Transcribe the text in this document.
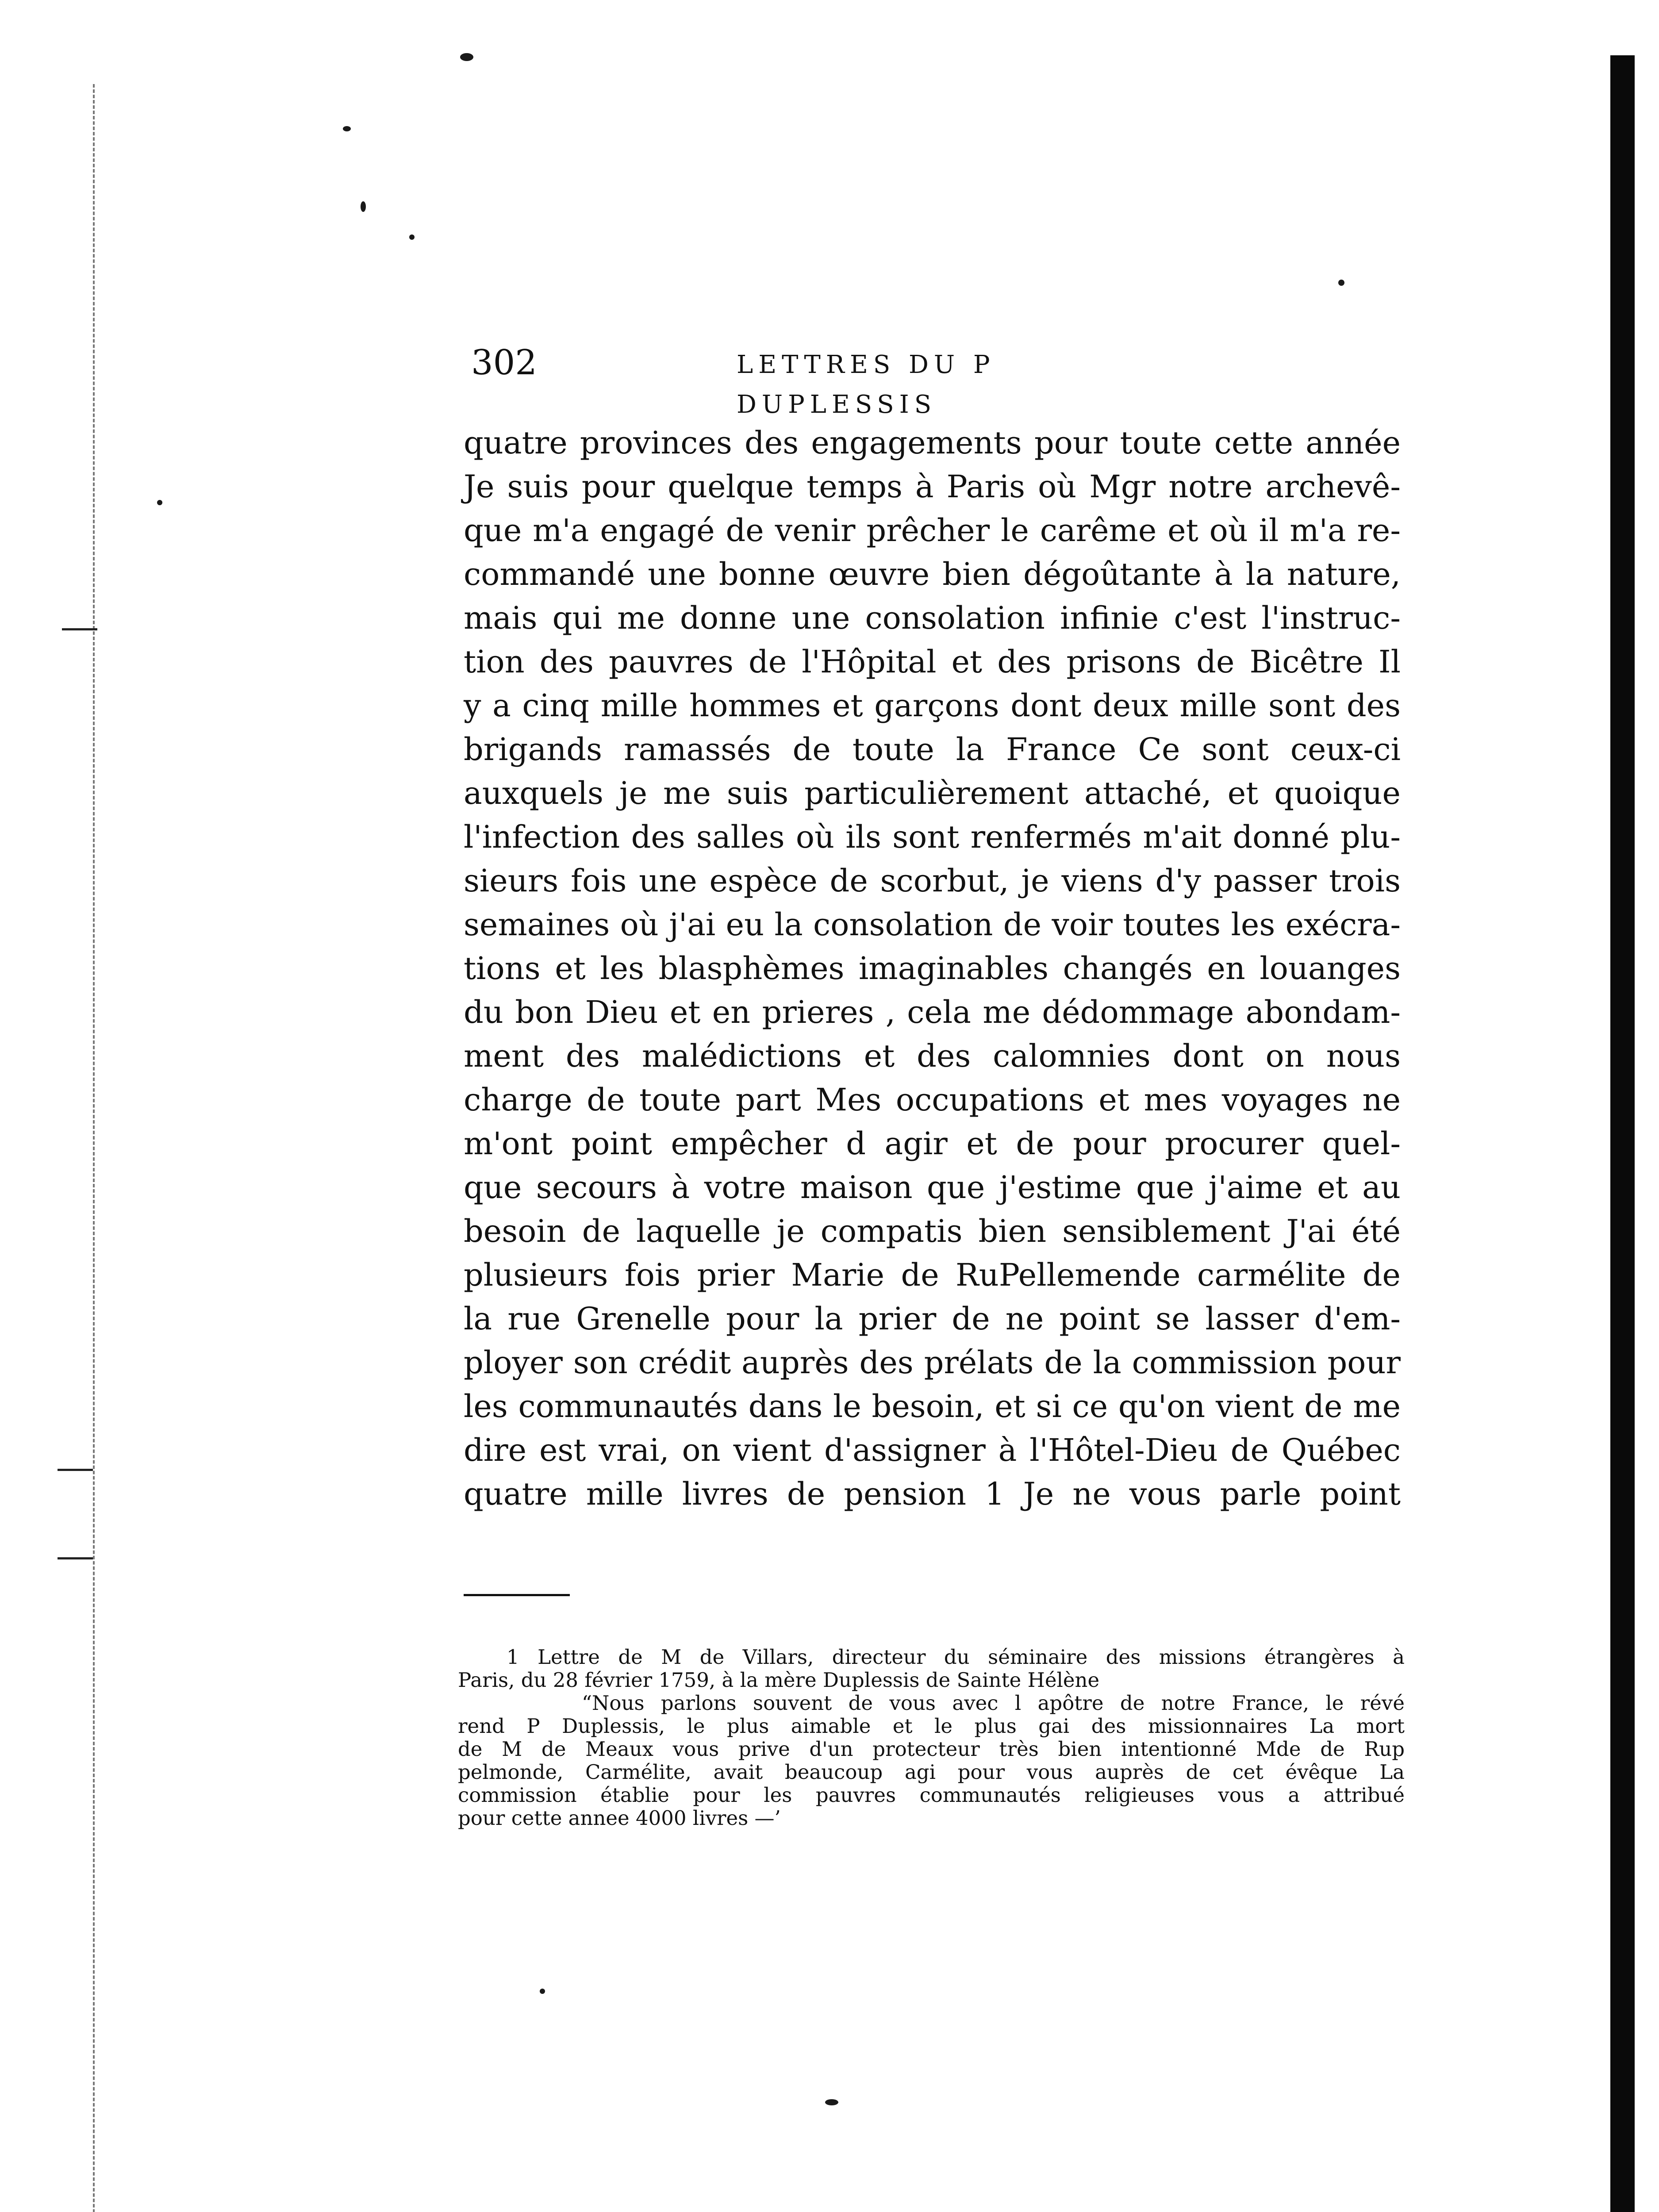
302	LETTRES DU P DUPLESSIS
quatre provinces des engagements pour toute cette année
Je suis pour quelque temps à Paris où Mgr notre archevê-
que m'a engagé de venir prêcher le carême et où il m'a re-
commandé une bonne œuvre bien dégoûtante à la nature,
mais qui me donne une consolation infinie c'est l'instruc-
tion des pauvres de l'Hôpital et des prisons de Bicêtre Il
y a cinq mille hommes et garçons dont deux mille sont des
brigands ramassés de toute la France Ce sont ceux-ci
auxquels je me suis particulièrement attaché, et quoique
l'infection des salles où ils sont renfermés m'ait donné plu-
sieurs fois une espèce de scorbut, je viens d'y passer trois
semaines où j'ai eu la consolation de voir toutes les exécra-
tions et les blasphèmes imaginables changés en louanges
du bon Dieu et en prieres , cela me dédommage abondam-
ment des malédictions et des calomnies dont on nous
charge de toute part Mes occupations et mes voyages ne
m'ont point empêcher d agir et de pour procurer quel-
que secours à votre maison que j'estime que j'aime et au
besoin de laquelle je compatis bien sensiblement J'ai été
plusieurs fois prier Marie de RuPellemende carmélite de
la rue Grenelle pour la prier de ne point se lasser d'em-
ployer son crédit auprès des prélats de la commission pour
les communautés dans le besoin, et si ce qu'on vient de me
dire est vrai, on vient d'assigner à l'Hôtel-Dieu de Québec
quatre mille livres de pension 1 Je ne vous parle point
1 Lettre de M de Villars, directeur du séminaire des missions étrangères à
Paris, du 28 février 1759, à la mère Duplessis de Sainte Hélène
“Nous parlons souvent de vous avec l apôtre de notre France, le révé
rend P Duplessis, le plus aimable et le plus gai des missionnaires La mort
de M de Meaux vous prive d'un protecteur très bien intentionné Mde de Rup
pelmonde, Carmélite, avait beaucoup agi pour vous auprès de cet évêque La
commission établie pour les pauvres communautés religieuses vous a attribué
pour cette annee 4000 livres —’
